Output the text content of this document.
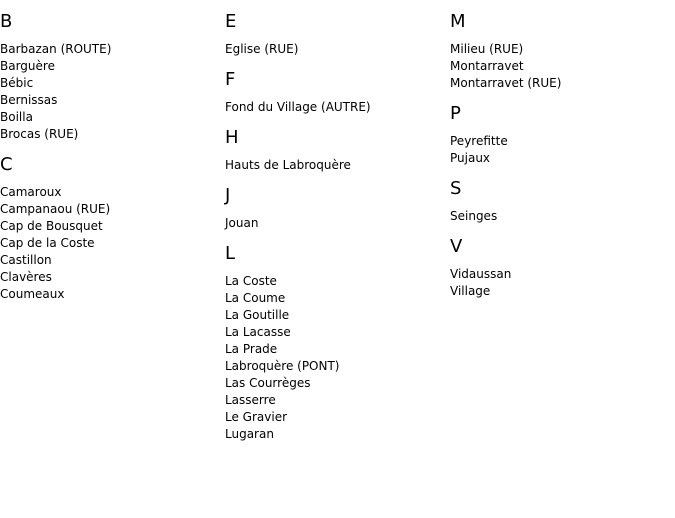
B
Barbazan (ROUTE)
Barguère
Bébic
Bernissas
Boilla
Brocas (RUE)
C
Camaroux
Campanaou (RUE)
Cap de Bousquet
Cap de la Coste
Castillon
Clavères
Coumeaux
E
Eglise (RUE)
F
Fond du Village (AUTRE)
H
Hauts de Labroquère
J
Jouan
L
La Coste
La Coume
La Goutille
La Lacasse
La Prade
Labroquère (PONT)
Las Courrèges
Lasserre
Le Gravier
Lugaran
M
Milieu (RUE)
Montarravet
Montarravet (RUE)
P
Peyrefitte
Pujaux
S
Seinges
V
Vidaussan
Village
